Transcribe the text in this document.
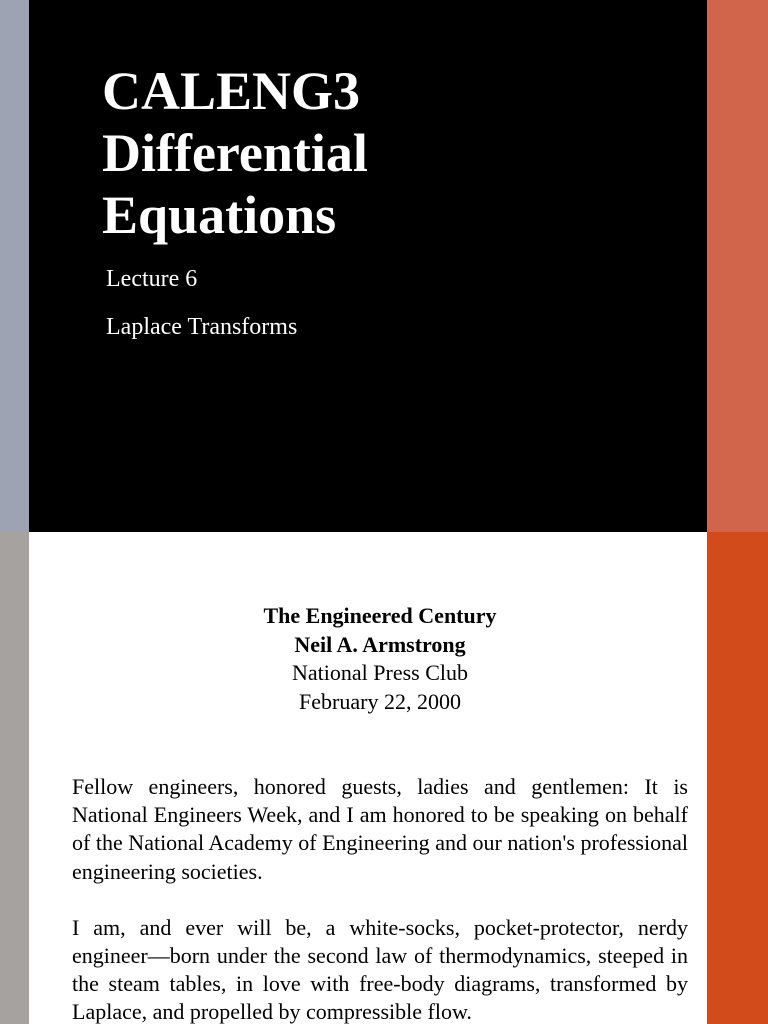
CALENG3
Differential
Equations
Lecture 6
Laplace Transforms
The Engineered Century
Neil A. Armstrong
National Press Club
February 22, 2000

Fellow engineers, honored guests, ladies and gentlemen: It is National Engineers Week, and I am honored to be speaking on behalf of the National Academy of Engineering and our nation's professional engineering societies.

I am, and ever will be, a white-socks, pocket-protector, nerdy engineer—born under the second law of thermodynamics, steeped in the steam tables, in love with free-body diagrams, transformed by Laplace, and propelled by compressible flow.
